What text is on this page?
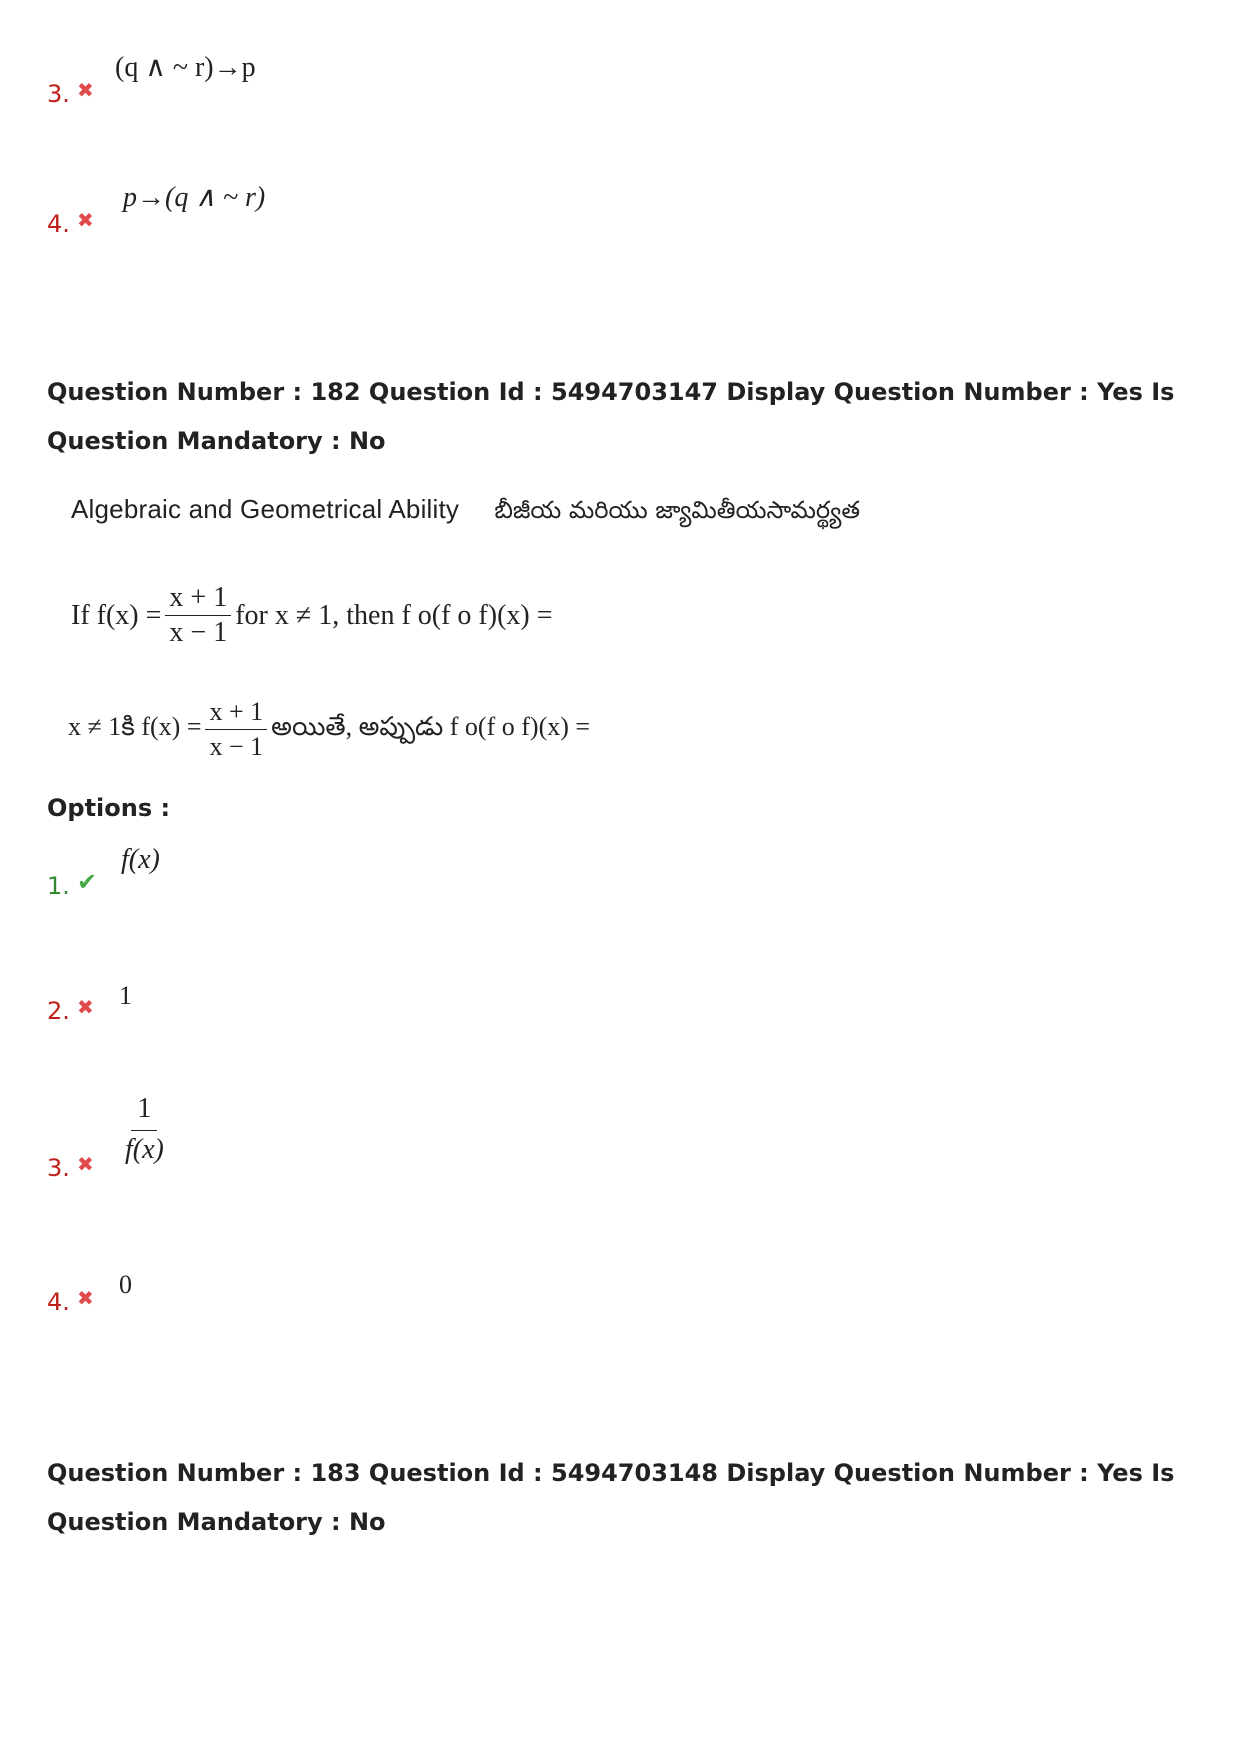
3. ✖
(q ∧ ~ r)→p
4. ✖
p→(q ∧ ~ r)
Question Number : 182 Question Id : 5494703147 Display Question Number : Yes Is Question Mandatory : No
Algebraic and Geometrical Ability బీజీయ మరియు జ్యామితీయసామర్థ్యత
If $f(x) = \frac{x + 1}{x - 1}$ for x ≠ 1, then f o(f o f)(x) =
x ≠ 1కి $f(x) = \frac{x + 1}{x - 1}$ అయితే, అప్పుడు f o(f o f)(x) =
Options :
1. ✔
f(x)
2. ✖ 1
3. ✖ $\frac{1}{f(x)}$
4. ✖ 0
Question Number : 183 Question Id : 5494703148 Display Question Number : Yes Is Question Mandatory : No
